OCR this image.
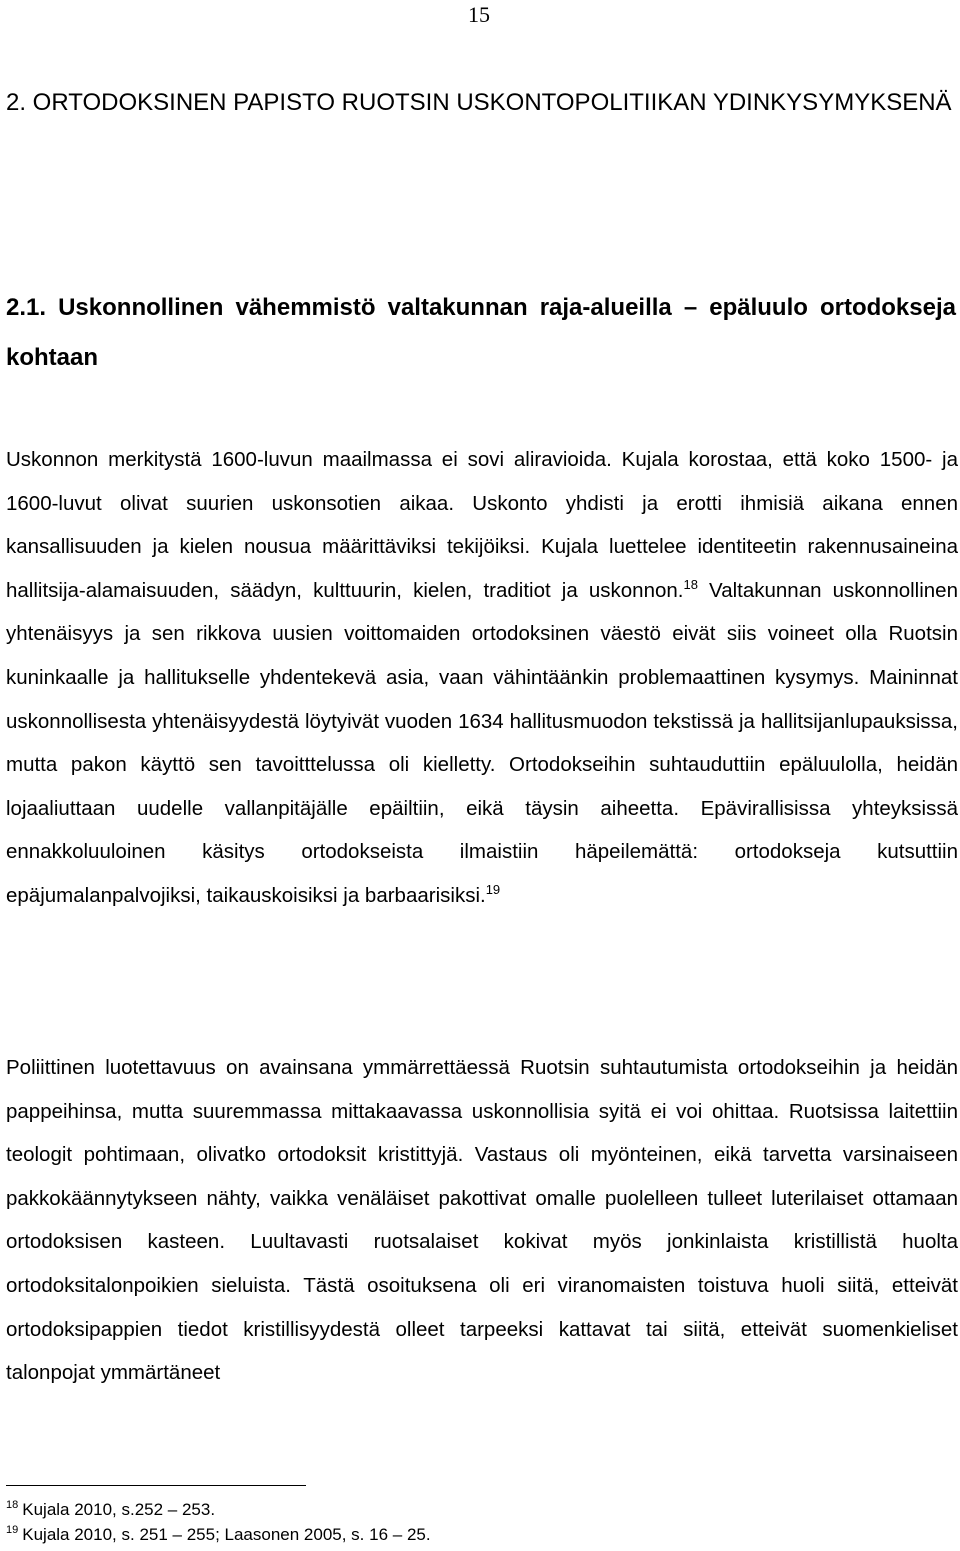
15
2. ORTODOKSINEN PAPISTO RUOTSIN USKONTOPOLITIIKAN YDINKYSYMYKSENÄ
2.1. Uskonnollinen vähemmistö valtakunnan raja-alueilla – epäluulo ortodokseja kohtaan

Uskonnon merkitystä 1600-luvun maailmassa ei sovi aliravioida. Kujala korostaa, että koko 1500- ja 1600-luvut olivat suurien uskonsotien aikaa. Uskonto yhdisti ja erotti ihmisiä aikana ennen kansallisuuden ja kielen nousua määrittäviksi tekijöiksi. Kujala luettelee identiteetin rakennusaineina hallitsija-alamaisuuden, säädyn, kulttuurin, kielen, traditiot ja uskonnon.$^{18}$ Valtakunnan uskonnollinen yhtenäisyys ja sen rikkova uusien voittomaiden ortodoksinen väestö eivät siis voineet olla Ruotsin kuninkaalle ja hallitukselle yhdentekevä asia, vaan vähintäänkin problemaattinen kysymys. Maininnat uskonnollisesta yhtenäisyydestä löytyivät vuoden 1634 hallitusmuodon tekstissä ja hallitsijanlupauksissa, mutta pakon käyttö sen tavoitttelussa oli kielletty. Ortodokseihin suhtauduttiin epäluulolla, heidän lojaaliuttaan uudelle vallanpitäjälle epäiltiin, eikä täysin aiheetta. Epävirallisissa yhteyksissä ennakkoluuloinen käsitys ortodokseista ilmaistiin häpeilemättä: ortodokseja kutsuttiin epäjumalanpalvojiksi, taikauskoisiksi ja barbaarisiksi.$^{19}$

Poliittinen luotettavuus on avainsana ymmärrettäessä Ruotsin suhtautumista ortodokseihin ja heidän pappeihinsa, mutta suuremmassa mittakaavassa uskonnollisia syitä ei voi ohittaa. Ruotsissa laitettiin teologit pohtimaan, olivatko ortodoksit kristittyjä. Vastaus oli myönteinen, eikä tarvetta varsinaiseen pakkokäännytykseen nähty, vaikka venäläiset pakottivat omalle puolelleen tulleet luterilaiset ottamaan ortodoksisen kasteen. Luultavasti ruotsalaiset kokivat myös jonkinlaista kristillistä huolta ortodoksitalonpoikien sieluista. Tästä osoituksena oli eri viranomaisten toistuva huoli siitä, etteivät ortodoksipappien tiedot kristillisyydestä olleet tarpeeksi kattavat tai siitä, etteivät suomenkieliset talonpojat ymmärtäneet

$^{18}$ Kujala 2010, s.252 – 253.

$^{19}$ Kujala 2010, s. 251 – 255; Laasonen 2005, s. 16 – 25.
